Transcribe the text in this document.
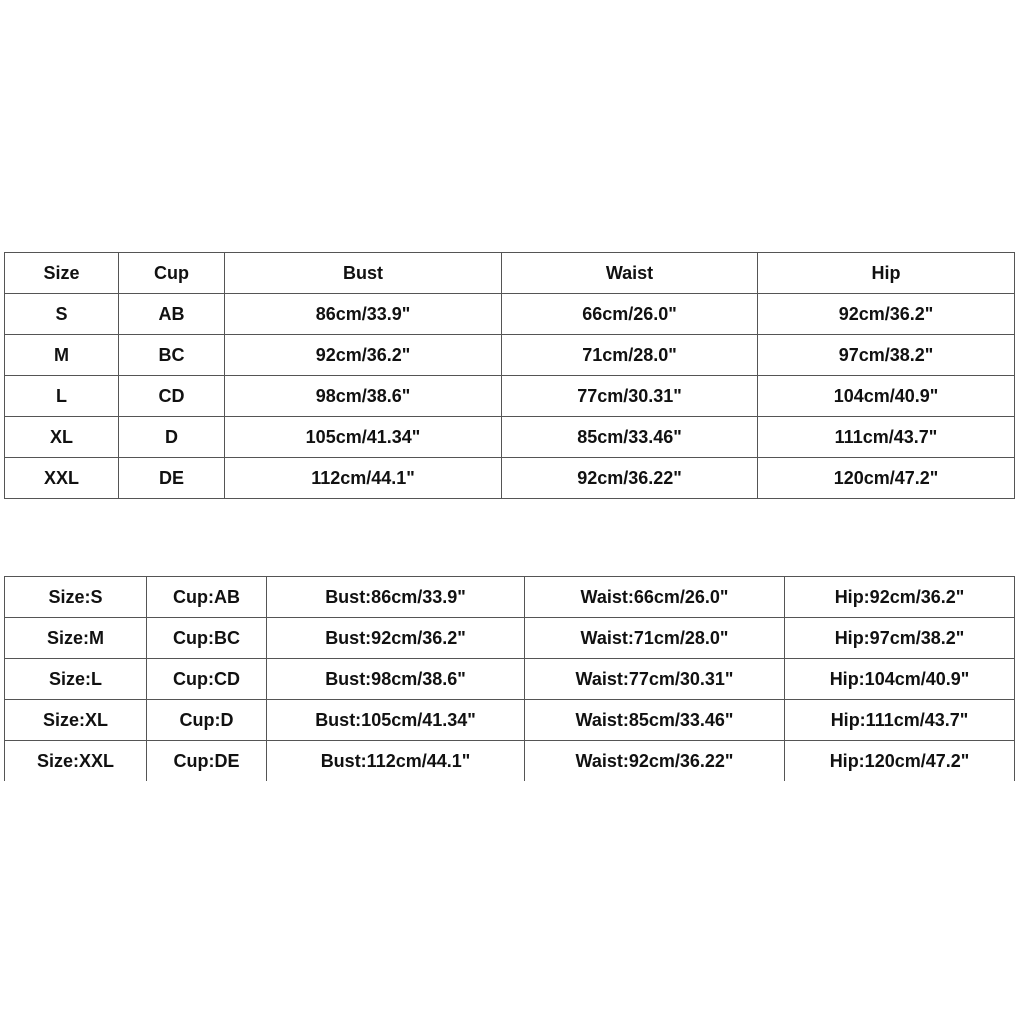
Size	Cup	Bust	Waist	Hip
S	AB	86cm/33.9"	66cm/26.0"	92cm/36.2"
M	BC	92cm/36.2"	71cm/28.0"	97cm/38.2"
L	CD	98cm/38.6"	77cm/30.31"	104cm/40.9"
XL	D	105cm/41.34"	85cm/33.46"	111cm/43.7"
XXL	DE	112cm/44.1"	92cm/36.22"	120cm/47.2"
Size:S	Cup:AB	Bust:86cm/33.9"	Waist:66cm/26.0"	Hip:92cm/36.2"
Size:M	Cup:BC	Bust:92cm/36.2"	Waist:71cm/28.0"	Hip:97cm/38.2"
Size:L	Cup:CD	Bust:98cm/38.6"	Waist:77cm/30.31"	Hip:104cm/40.9"
Size:XL	Cup:D	Bust:105cm/41.34"	Waist:85cm/33.46"	Hip:111cm/43.7"
Size:XXL	Cup:DE	Bust:112cm/44.1"	Waist:92cm/36.22"	Hip:120cm/47.2"
